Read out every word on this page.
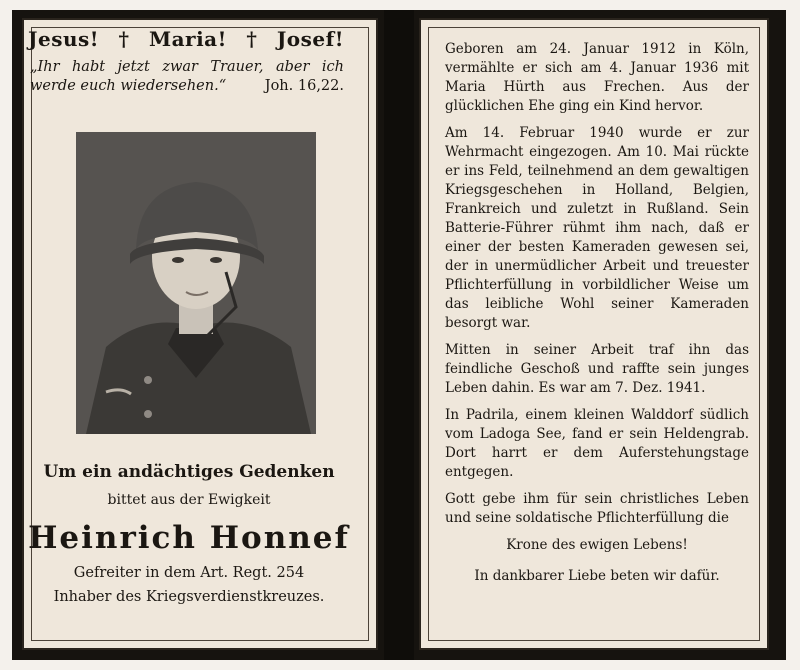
Jesus! † Maria! † Josef!
„Ihr habt jetzt zwar Trauer, aber ich werde euch wiedersehen.“	Joh. 16,22.
Um ein andächtiges Gedenken
bittet aus der Ewigkeit
Heinrich Honnef
Gefreiter in dem Art. Regt. 254
Inhaber des Kriegsverdienstkreuzes.

Geboren am 24. Januar 1912 in Köln, vermählte er sich am 4. Januar 1936 mit Maria Hürth aus Frechen. Aus der glücklichen Ehe ging ein Kind hervor.

Am 14. Februar 1940 wurde er zur Wehrmacht eingezogen. Am 10. Mai rückte er ins Feld, teilnehmend an dem gewaltigen Kriegsgeschehen in Holland, Belgien, Frankreich und zuletzt in Rußland. Sein Batterie-Führer rühmt ihm nach, daß er einer der besten Kameraden gewesen sei, der in unermüdlicher Arbeit und treuester Pflichterfüllung in vorbildlicher Weise um das leibliche Wohl seiner Kameraden besorgt war.

Mitten in seiner Arbeit traf ihn das feindliche Geschoß und raffte sein junges Leben dahin. Es war am 7. Dez. 1941.

In Padrila, einem kleinen Walddorf südlich vom Ladoga See, fand er sein Heldengrab. Dort harrt er dem Auferstehungstage entgegen.

Gott gebe ihm für sein christliches Leben und seine soldatische Pflichterfüllung die

Krone des ewigen Lebens!

In dankbarer Liebe beten wir dafür.
